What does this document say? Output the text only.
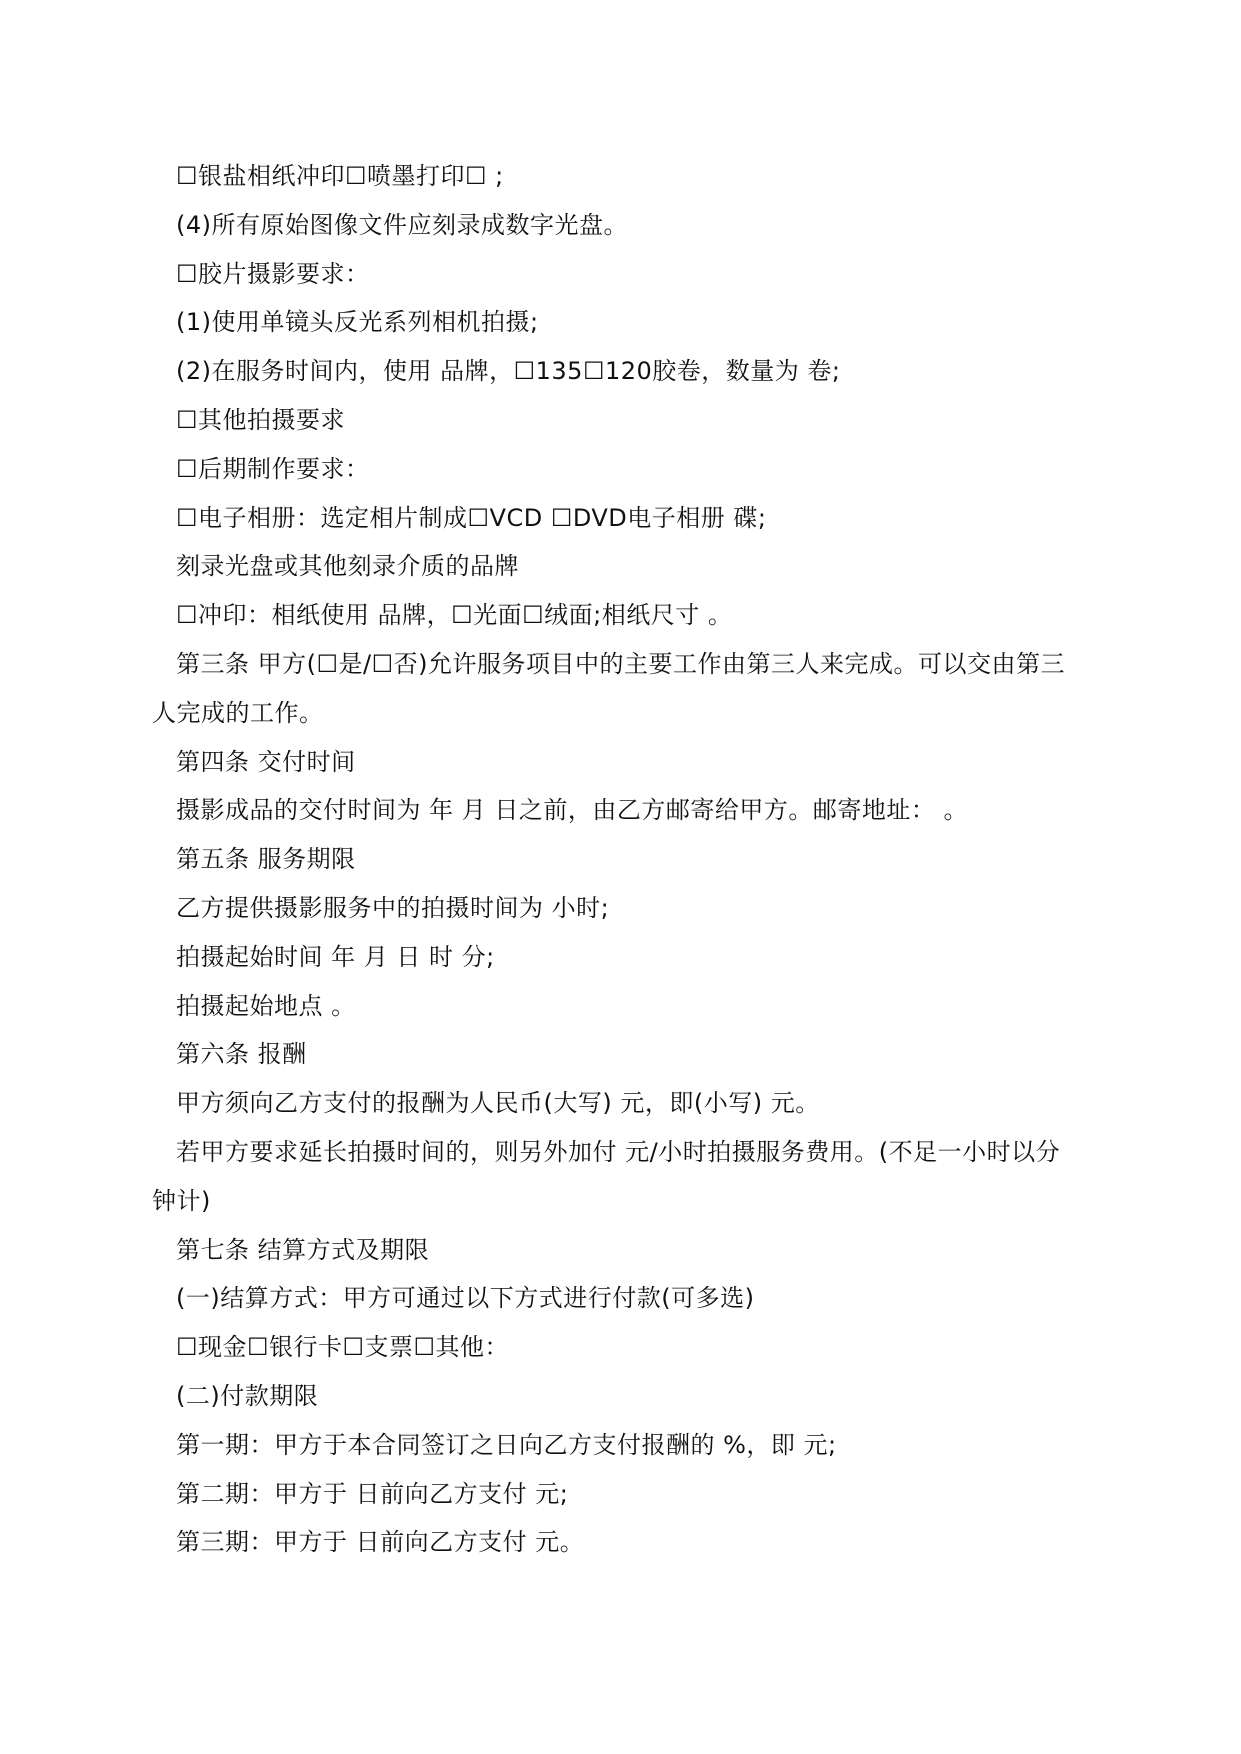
☐银盐相纸冲印☐喷墨打印☐ ;
(4)所有原始图像文件应刻录成数字光盘。
☐胶片摄影要求：
(1)使用单镜头反光系列相机拍摄;
(2)在服务时间内，使用 品牌，☐135☐120胶卷，数量为 卷;
☐其他拍摄要求
☐后期制作要求：
☐电子相册：选定相片制成☐VCD ☐DVD电子相册 碟;
刻录光盘或其他刻录介质的品牌
☐冲印：相纸使用 品牌，☐光面☐绒面;相纸尺寸 。
第三条 甲方(☐是/☐否)允许服务项目中的主要工作由第三人来完成。可以交由第三
人完成的工作。
第四条 交付时间
摄影成品的交付时间为 年 月 日之前，由乙方邮寄给甲方。邮寄地址： 。
第五条 服务期限
乙方提供摄影服务中的拍摄时间为 小时;
拍摄起始时间 年 月 日 时 分;
拍摄起始地点 。
第六条 报酬
甲方须向乙方支付的报酬为人民币(大写) 元，即(小写) 元。
若甲方要求延长拍摄时间的，则另外加付 元/小时拍摄服务费用。(不足一小时以分
钟计)
第七条 结算方式及期限
(一)结算方式：甲方可通过以下方式进行付款(可多选)
☐现金☐银行卡☐支票☐其他：
(二)付款期限
第一期：甲方于本合同签订之日向乙方支付报酬的 %，即 元;
第二期：甲方于 日前向乙方支付 元;
第三期：甲方于 日前向乙方支付 元。
